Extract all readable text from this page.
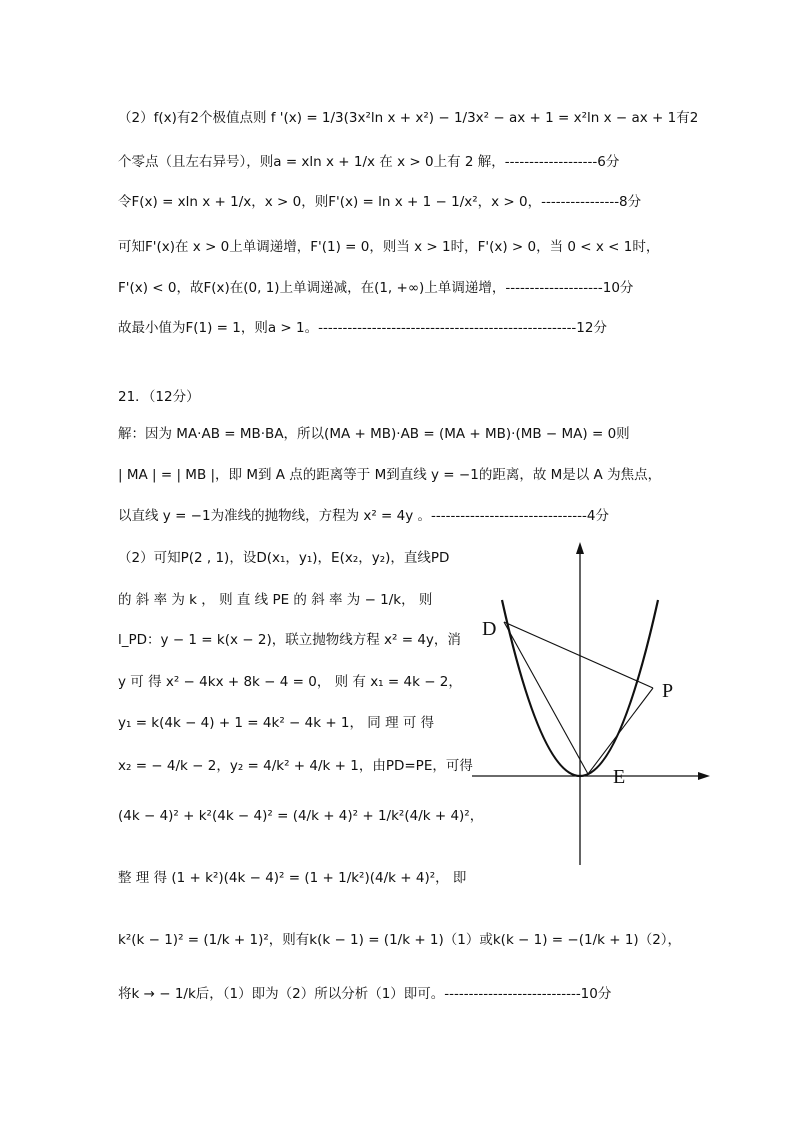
（2）f(x)有2个极值点则 f '(x) = 1/3(3x²ln x + x²) − 1/3x² − ax + 1 = x²ln x − ax + 1有2
个零点（且左右异号），则a = xln x + 1/x 在 x > 0上有 2 解，-------------------6分
令F(x) = xln x + 1/x，x > 0，则F'(x) = ln x + 1 − 1/x²，x > 0，----------------8分
可知F'(x)在 x > 0上单调递增，F'(1) = 0，则当 x > 1时，F'(x) > 0，当 0 < x < 1时，
F'(x) < 0，故F(x)在(0, 1)上单调递减，在(1, +∞)上单调递增，--------------------10分
故最小值为F(1) = 1，则a > 1。-----------------------------------------------------12分
21．（12分）
解：因为 MA·AB = MB·BA，所以(MA + MB)·AB = (MA + MB)·(MB − MA) = 0则
| MA | = | MB |，即 M到 A 点的距离等于 M到直线 y = −1的距离，故 M是以 A 为焦点，
以直线 y = −1为准线的抛物线，方程为 x² = 4y 。--------------------------------4分
（2）可知P(2 , 1)，设D(x₁，y₁)，E(x₂，y₂)，直线PD
的 斜 率 为 k ， 则 直 线 PE 的 斜 率 为 − 1/k， 则
l_PD：y − 1 = k(x − 2)，联立抛物线方程 x² = 4y，消
y 可 得 x² − 4kx + 8k − 4 = 0， 则 有 x₁ = 4k − 2，
y₁ = k(4k − 4) + 1 = 4k² − 4k + 1， 同 理 可 得
x₂ = − 4/k − 2，y₂ = 4/k² + 4/k + 1，由PD=PE，可得
(4k − 4)² + k²(4k − 4)² = (4/k + 4)² + 1/k²(4/k + 4)²，
整 理 得 (1 + k²)(4k − 4)² = (1 + 1/k²)(4/k + 4)²， 即
k²(k − 1)² = (1/k + 1)²，则有k(k − 1) = (1/k + 1)（1）或k(k − 1) = −(1/k + 1)（2），
将k → − 1/k后，（1）即为（2）所以分析（1）即可。----------------------------10分
D
P
E
